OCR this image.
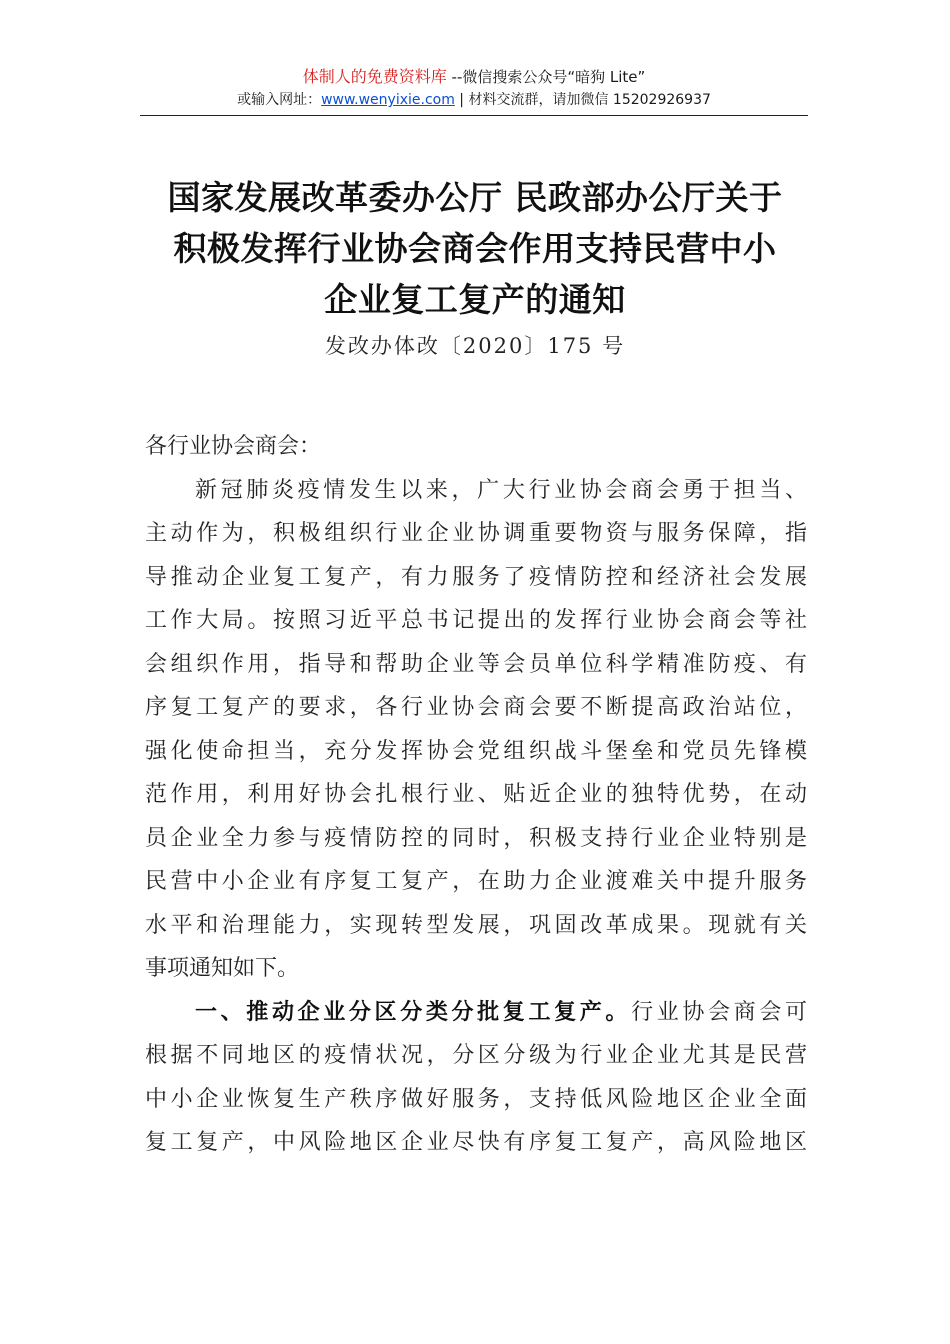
体制人的免费资料库 --微信搜索公众号“暗狗 Lite”
或输入网址：www.wenyixie.com | 材料交流群，请加微信 15202926937
国家发展改革委办公厅 民政部办公厅关于
积极发挥行业协会商会作用支持民营中小
企业复工复产的通知
发改办体改〔2020〕175 号
各行业协会商会：
新冠肺炎疫情发生以来，广大行业协会商会勇于担当、
主动作为，积极组织行业企业协调重要物资与服务保障，指
导推动企业复工复产，有力服务了疫情防控和经济社会发展
工作大局。按照习近平总书记提出的发挥行业协会商会等社
会组织作用，指导和帮助企业等会员单位科学精准防疫、有
序复工复产的要求，各行业协会商会要不断提高政治站位，
强化使命担当，充分发挥协会党组织战斗堡垒和党员先锋模
范作用，利用好协会扎根行业、贴近企业的独特优势，在动
员企业全力参与疫情防控的同时，积极支持行业企业特别是
民营中小企业有序复工复产，在助力企业渡难关中提升服务
水平和治理能力，实现转型发展，巩固改革成果。现就有关
事项通知如下。
一、推动企业分区分类分批复工复产。行业协会商会可
根据不同地区的疫情状况，分区分级为行业企业尤其是民营
中小企业恢复生产秩序做好服务，支持低风险地区企业全面
复工复产，中风险地区企业尽快有序复工复产，高风险地区
